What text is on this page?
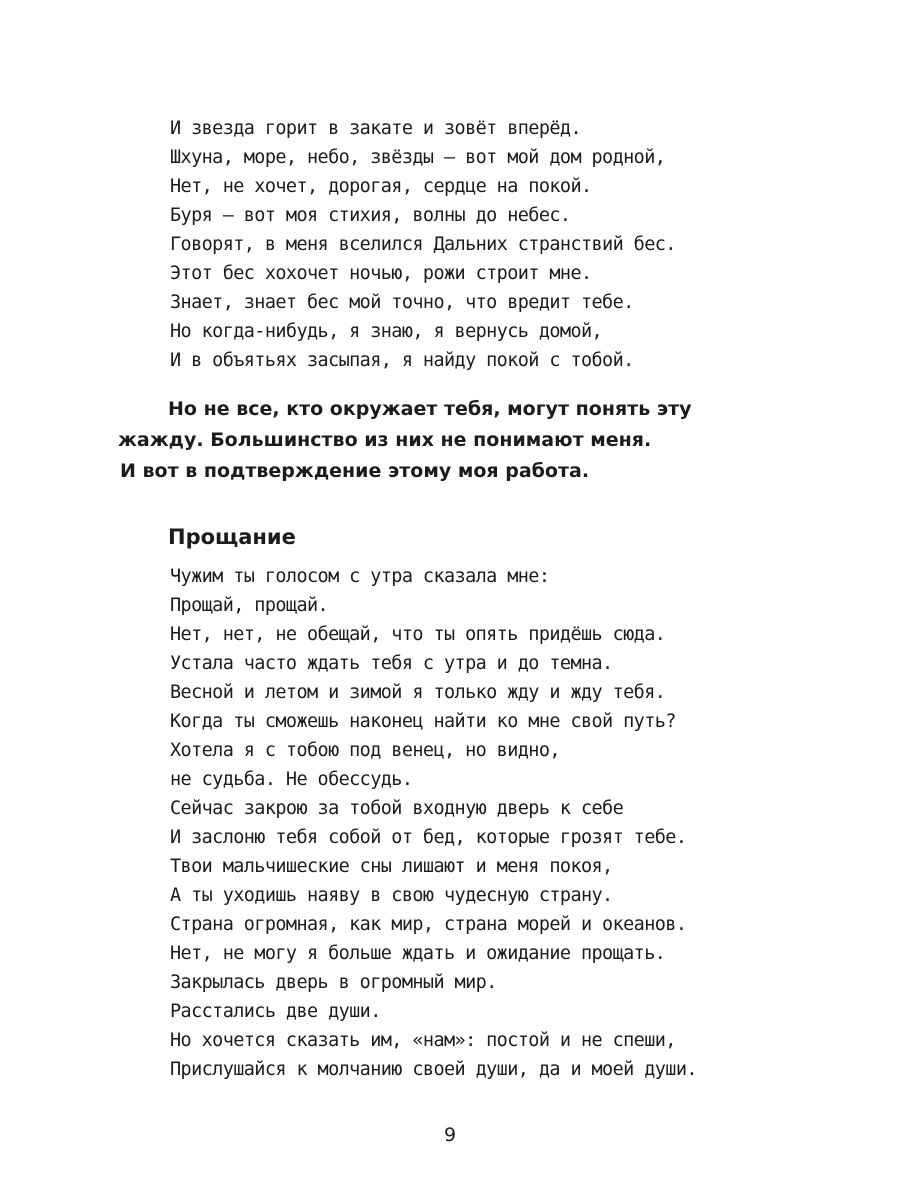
И звезда горит в закате и зовёт вперёд.
Шхуна, море, небо, звёзды – вот мой дом родной,
Нет, не хочет, дорогая, сердце на покой.
Буря – вот моя стихия, волны до небес.
Говорят, в меня вселился Дальних странствий бес.
Этот бес хохочет ночью, рожи строит мне.
Знает, знает бес мой точно, что вредит тебе.
Но когда-нибудь, я знаю, я вернусь домой,
И в объятьях засыпая, я найду покой с тобой.
Но не все, кто окружает тебя, могут понять эту
жажду. Большинство из них не понимают меня.
И вот в подтверждение этому моя работа.
Прощание
Чужим ты голосом с утра сказала мне:
Прощай, прощай.
Нет, нет, не обещай, что ты опять придёшь сюда.
Устала часто ждать тебя с утра и до темна.
Весной и летом и зимой я только жду и жду тебя.
Когда ты сможешь наконец найти ко мне свой путь?
Хотела я с тобою под венец, но видно,
не судьба. Не обессудь.
Сейчас закрою за тобой входную дверь к себе
И заслоню тебя собой от бед, которые грозят тебе.
Твои мальчишеские сны лишают и меня покоя,
А ты уходишь наяву в свою чудесную страну.
Страна огромная, как мир, страна морей и океанов.
Нет, не могу я больше ждать и ожидание прощать.
Закрылась дверь в огромный мир.
Расстались две души.
Но хочется сказать им, «нам»: постой и не спеши,
Прислушайся к молчанию своей души, да и моей души.
9
